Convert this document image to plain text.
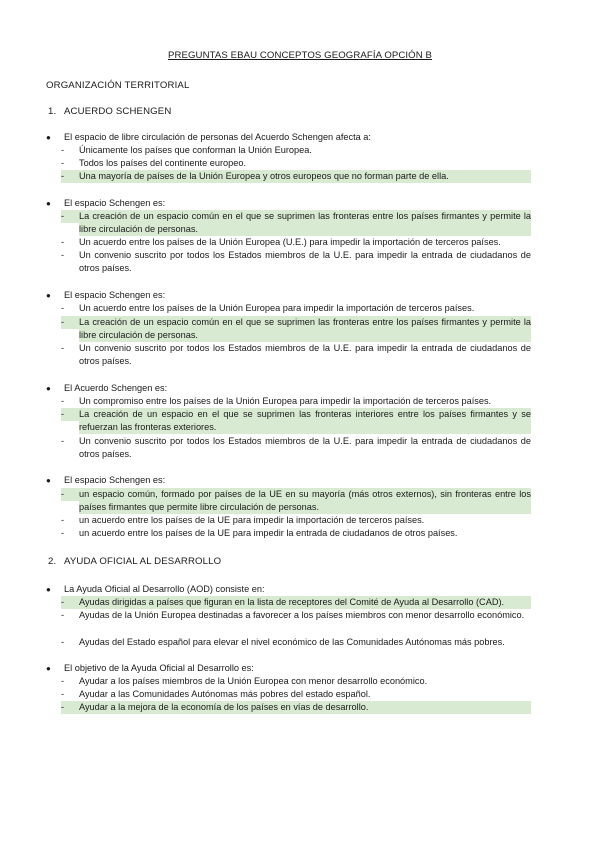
PREGUNTAS EBAU CONCEPTOS GEOGRAFÍA OPCIÓN B
ORGANIZACIÓN TERRITORIAL
1. ACUERDO SCHENGEN
● El espacio de libre circulación de personas del Acuerdo Schengen afecta a:
- Únicamente los países que conforman la Unión Europea.
- Todos los países del continente europeo.
-	Una mayoría de países de la Unión Europea y otros europeos que no forman parte de ella.
● El espacio Schengen es:
-	La creación de un espacio común en el que se suprimen las fronteras entre los países firmantes y permite la libre circulación de personas.
- Un acuerdo entre los países de la Unión Europea (U.E.) para impedir la importación de terceros países.
- Un convenio suscrito por todos los Estados miembros de la U.E. para impedir la entrada de ciudadanos de otros países.
● El espacio Schengen es:
- Un acuerdo entre los países de la Unión Europea para impedir la importación de terceros países.
-	La creación de un espacio común en el que se suprimen las fronteras entre los países firmantes y permite la libre circulación de personas.
- Un convenio suscrito por todos los Estados miembros de la U.E. para impedir la entrada de ciudadanos de otros países.
● El Acuerdo Schengen es:
- Un compromiso entre los países de la Unión Europea para impedir la importación de terceros países.
-	La creación de un espacio en el que se suprimen las fronteras interiores entre los países firmantes y se refuerzan las fronteras exteriores.
- Un convenio suscrito por todos los Estados miembros de la U.E. para impedir la entrada de ciudadanos de otros países.
● El espacio Schengen es:
-	un espacio común, formado por países de la UE en su mayoría (más otros externos), sin fronteras entre los países firmantes que permite libre circulación de personas.
- un acuerdo entre los países de la UE para impedir la importación de terceros países.
- un acuerdo entre los países de la UE para impedir la entrada de ciudadanos de otros países.
2. AYUDA OFICIAL AL DESARROLLO
● La Ayuda Oficial al Desarrollo (AOD) consiste en:
-	Ayudas dirigidas a países que figuran en la lista de receptores del Comité de Ayuda al Desarrollo (CAD).
- Ayudas de la Unión Europea destinadas a favorecer a los países miembros con menor desarrollo económico.
- Ayudas del Estado español para elevar el nivel económico de las Comunidades Autónomas más pobres.
● El objetivo de la Ayuda Oficial al Desarrollo es:
- Ayudar a los países miembros de la Unión Europea con menor desarrollo económico.
- Ayudar a las Comunidades Autónomas más pobres del estado español.
-	Ayudar a la mejora de la economía de los países en vías de desarrollo.
